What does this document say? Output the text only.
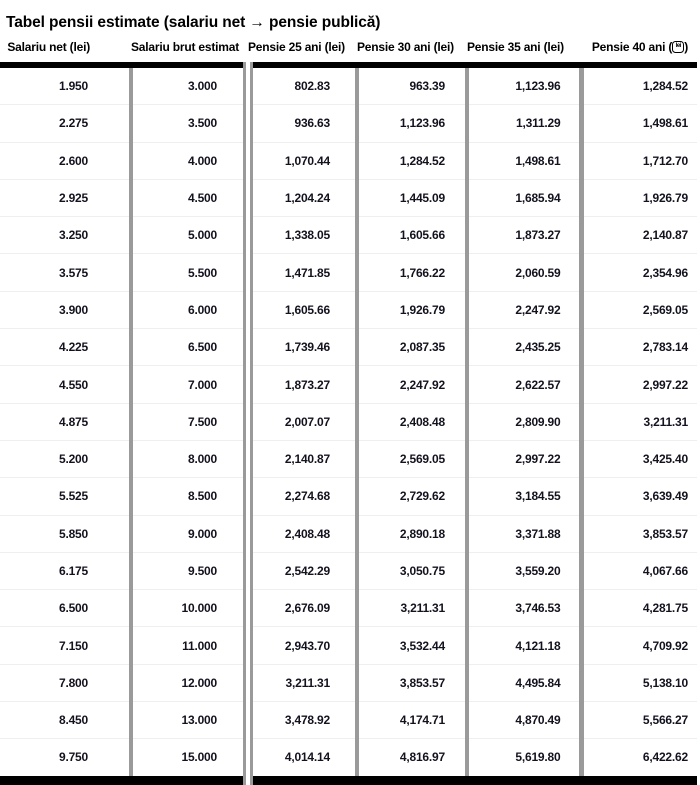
Tabel pensii estimate (salariu net → pensie publică)
Salariu net (lei)	Salariu brut estimat	Pensie 25 ani (lei)	Pensie 30 ani (lei)	Pensie 35 ani (lei)	Pensie 40 ani ( lei )
1.950	3.000	802.83	963.39	1,123.96	1,284.52
2.275	3.500	936.63	1,123.96	1,311.29	1,498.61
2.600	4.000	1,070.44	1,284.52	1,498.61	1,712.70
2.925	4.500	1,204.24	1,445.09	1,685.94	1,926.79
3.250	5.000	1,338.05	1,605.66	1,873.27	2,140.87
3.575	5.500	1,471.85	1,766.22	2,060.59	2,354.96
3.900	6.000	1,605.66	1,926.79	2,247.92	2,569.05
4.225	6.500	1,739.46	2,087.35	2,435.25	2,783.14
4.550	7.000	1,873.27	2,247.92	2,622.57	2,997.22
4.875	7.500	2,007.07	2,408.48	2,809.90	3,211.31
5.200	8.000	2,140.87	2,569.05	2,997.22	3,425.40
5.525	8.500	2,274.68	2,729.62	3,184.55	3,639.49
5.850	9.000	2,408.48	2,890.18	3,371.88	3,853.57
6.175	9.500	2,542.29	3,050.75	3,559.20	4,067.66
6.500	10.000	2,676.09	3,211.31	3,746.53	4,281.75
7.150	11.000	2,943.70	3,532.44	4,121.18	4,709.92
7.800	12.000	3,211.31	3,853.57	4,495.84	5,138.10
8.450	13.000	3,478.92	4,174.71	4,870.49	5,566.27
9.750	15.000	4,014.14	4,816.97	5,619.80	6,422.62
